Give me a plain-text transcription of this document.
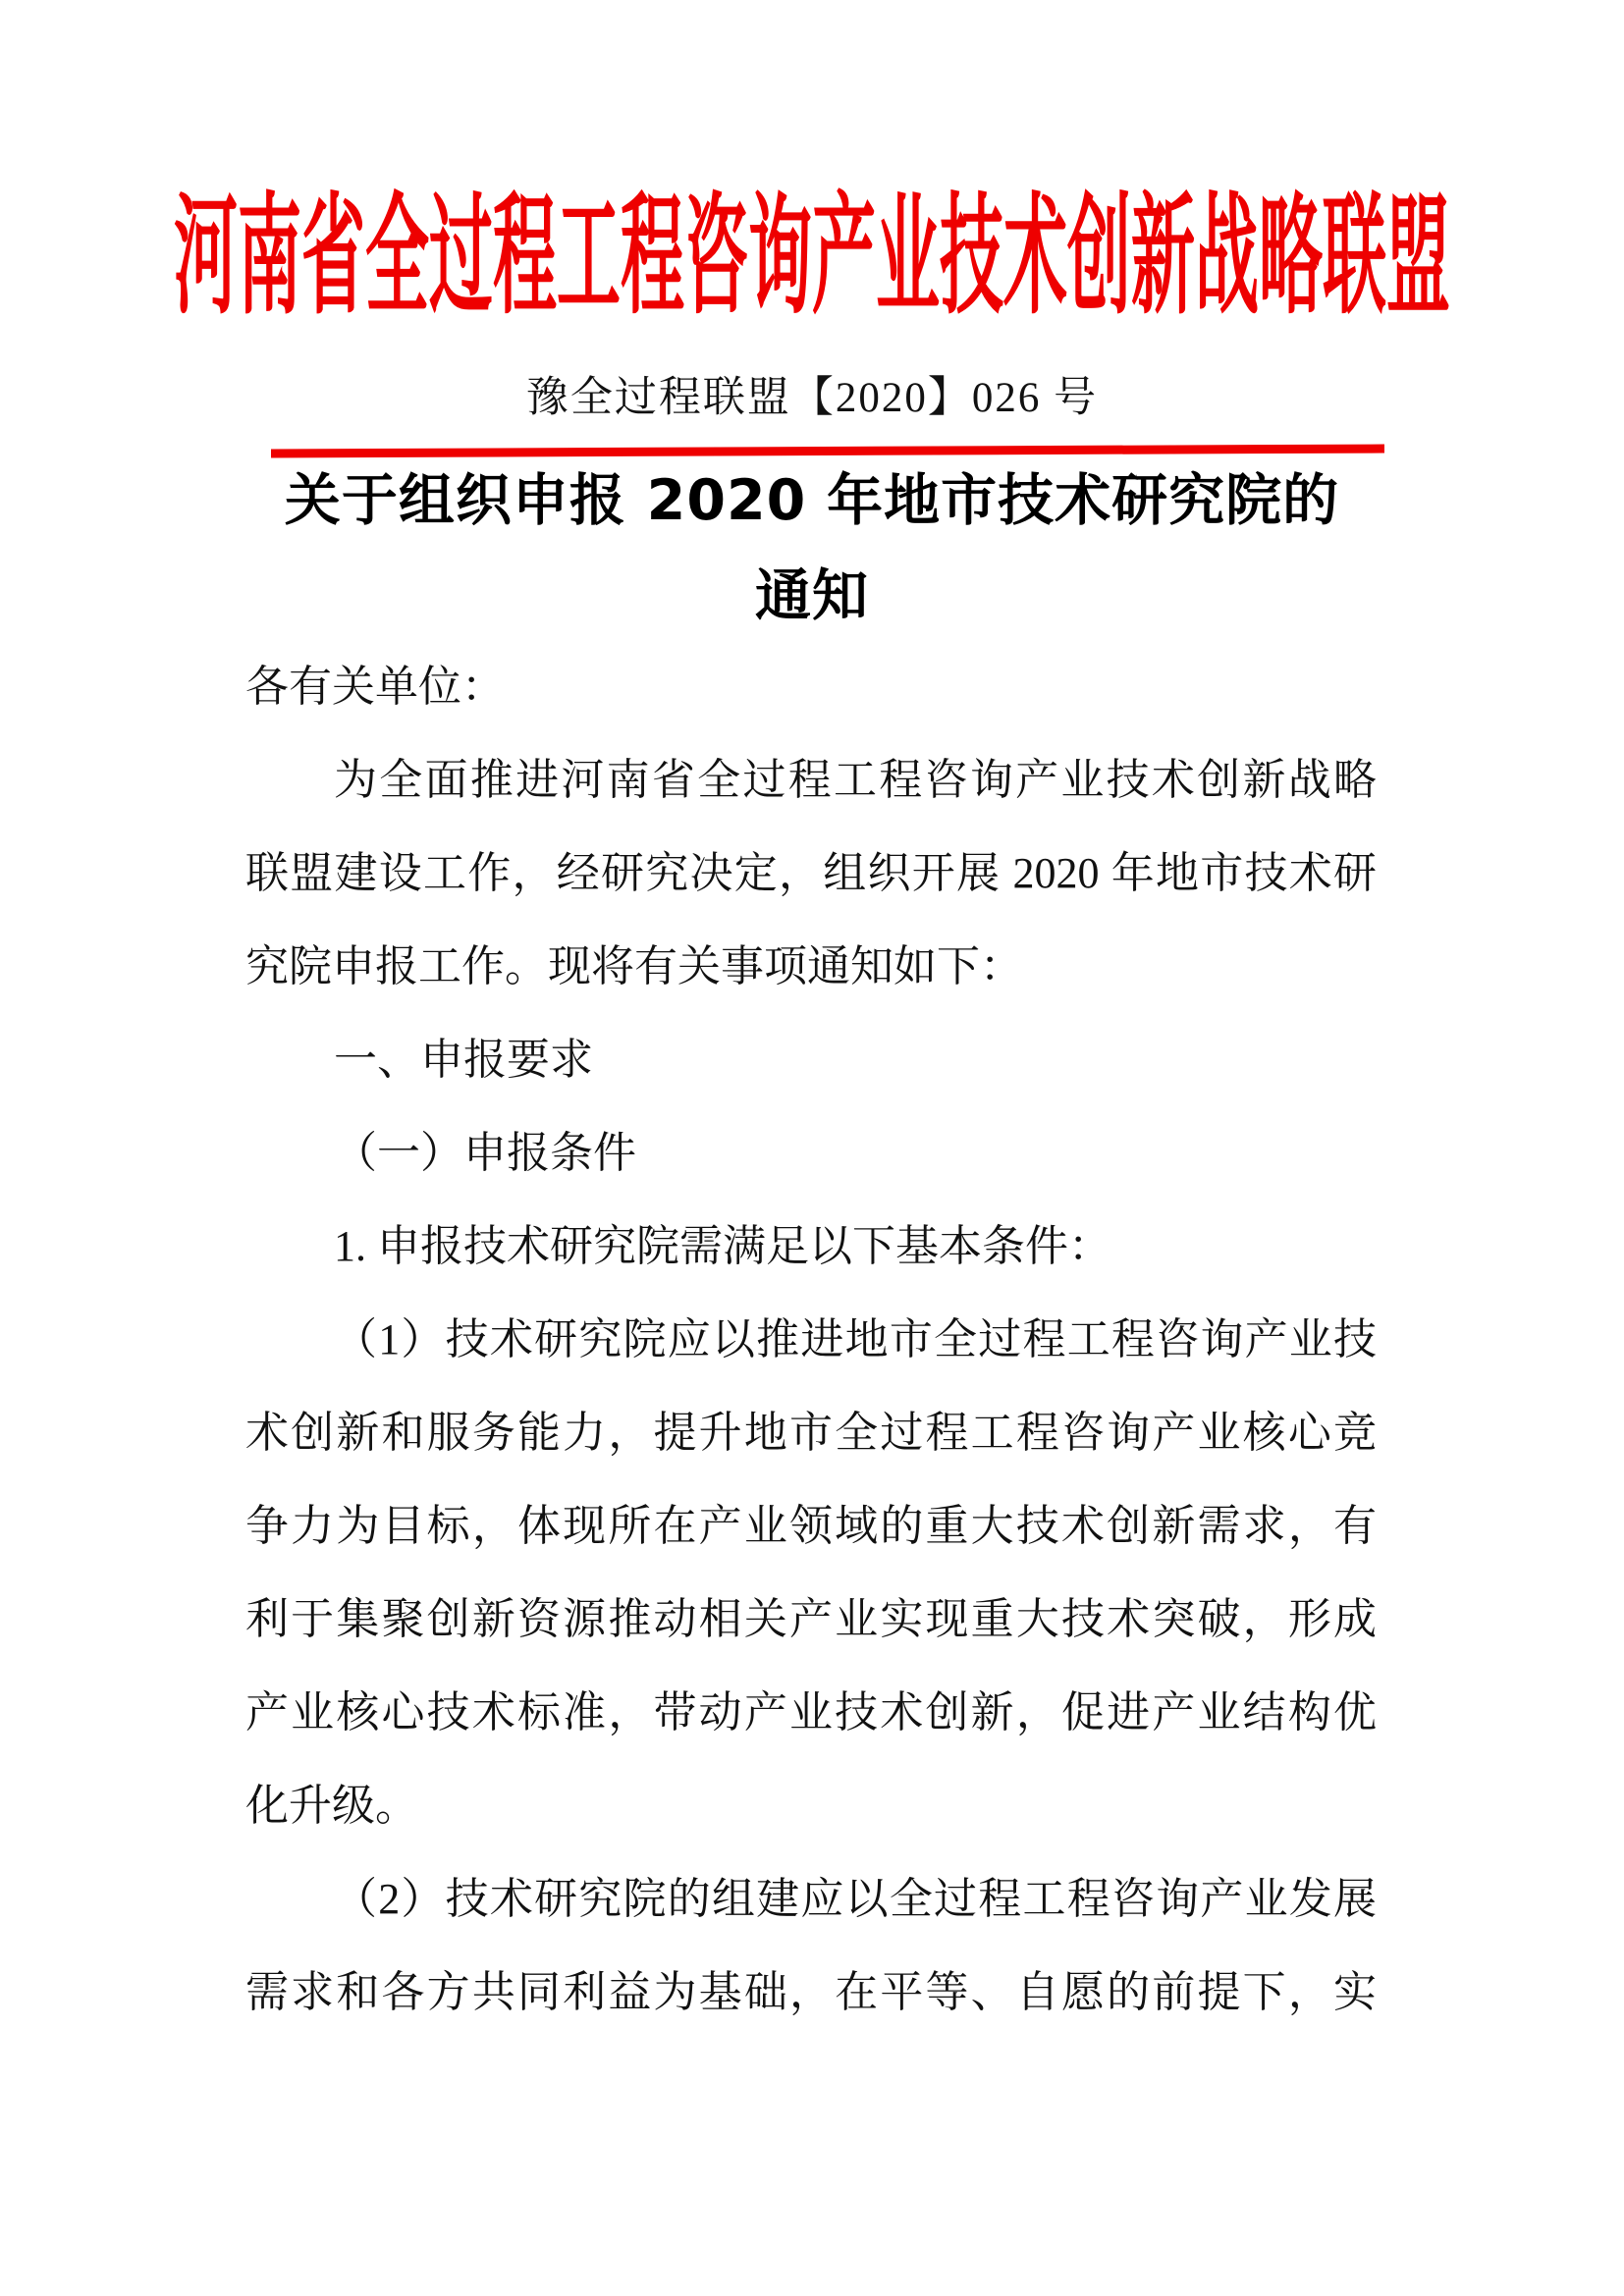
河南省全过程工程咨询产业技术创新战略联盟
豫全过程联盟【2020】026 号
关于组织申报 2020 年地市技术研究院的
通知
各有关单位：
为全面推进河南省全过程工程咨询产业技术创新战略
联盟建设工作，经研究决定，组织开展 2020 年地市技术研
究院申报工作。现将有关事项通知如下：
一、申报要求
（一）申报条件
1. 申报技术研究院需满足以下基本条件：
（1）技术研究院应以推进地市全过程工程咨询产业技
术创新和服务能力，提升地市全过程工程咨询产业核心竞
争力为目标，体现所在产业领域的重大技术创新需求，有
利于集聚创新资源推动相关产业实现重大技术突破，形成
产业核心技术标准，带动产业技术创新，促进产业结构优
化升级。
（2）技术研究院的组建应以全过程工程咨询产业发展
需求和各方共同利益为基础，在平等、自愿的前提下，实
